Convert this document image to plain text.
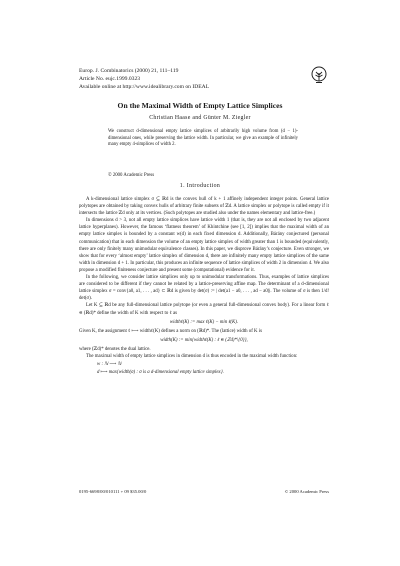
Europ. J. Combinatorics (2000) 21, 111–119
Article No. eujc.1999.0323
Available online at http://www.idealibrary.com on IDEAL
On the Maximal Width of Empty Lattice Simplices
Christian Haase and Günter M. Ziegler
We construct d-dimensional empty lattice simplices of arbitrarily high volume from (d − 1)-dimensional ones, while preserving the lattice width. In particular, we give an example of infinitely many empty 4-simplices of width 2.
© 2000 Academic Press
1. Introduction

A k-dimensional lattice simplex σ ⊆ ℝd is the convex hull of k + 1 affinely independent integer points. General lattice polytopes are obtained by taking convex hulls of arbitrary finite subsets of ℤd. A lattice simplex or polytope is called empty if it intersects the lattice ℤd only at its vertices. (Such polytopes are studied also under the names elementary and lattice-free.)

In dimensions d > 3, not all empty lattice simplices have lattice width 1 (that is, they are not all enclosed by two adjacent lattice hyperplanes). However, the famous ‘flatness theorem’ of Khintchine (see [1, 2]) implies that the maximal width of an empty lattice simplex is bounded by a constant w(d) in each fixed dimension d. Additionally, Bárány conjectured (personal communication) that in each dimension the volume of an empty lattice simplex of width greater than 1 is bounded (equivalently, there are only finitely many unimodular equivalence classes). In this paper, we disprove Bárány’s conjecture. Even stronger, we show that for every ‘almost empty’ lattice simplex of dimension d, there are infinitely many empty lattice simplices of the same width in dimension d + 1. In particular, this produces an infinite sequence of lattice simplices of width 2 in dimension 4. We also propose a modified finiteness conjecture and present some (computational) evidence for it.

In the following, we consider lattice simplices only up to unimodular transformations. Thus, examples of lattice simplices are considered to be different if they cannot be related by a lattice-preserving affine map. The determinant of a d-dimensional lattice simplex σ = conv{a0, a1, . . . , ad} ⊂ ℝd is given by det(σ) := | det(a1 − a0, . . . , ad − a0)|. The volume of σ is then 1/d! det(σ).

Let K ⊆ ℝd be any full-dimensional lattice polytope (or even a general full-dimensional convex body). For a linear form ℓ ∈ (ℝd)* define the width of K with respect to ℓ as

widthℓ(K) := max ℓ(K) − min ℓ(K).

Given K, the assignment ℓ ⟼ widthℓ(K) defines a norm on (ℝd)*. The (lattice) width of K is

width(K) := min{widthℓ(K) : ℓ ∈ (ℤd)*\{0}},

where (ℤd)* denotes the dual lattice.

The maximal width of empty lattice simplices in dimension d is thus encoded in the maximal width function:

w : ℕ ⟶ ℕ
d ⟼ max{width(σ) : σ is a d-dimensional empty lattice simplex}.
0195-6698/00/010111 + 09 $35.00/0	© 2000 Academic Press
